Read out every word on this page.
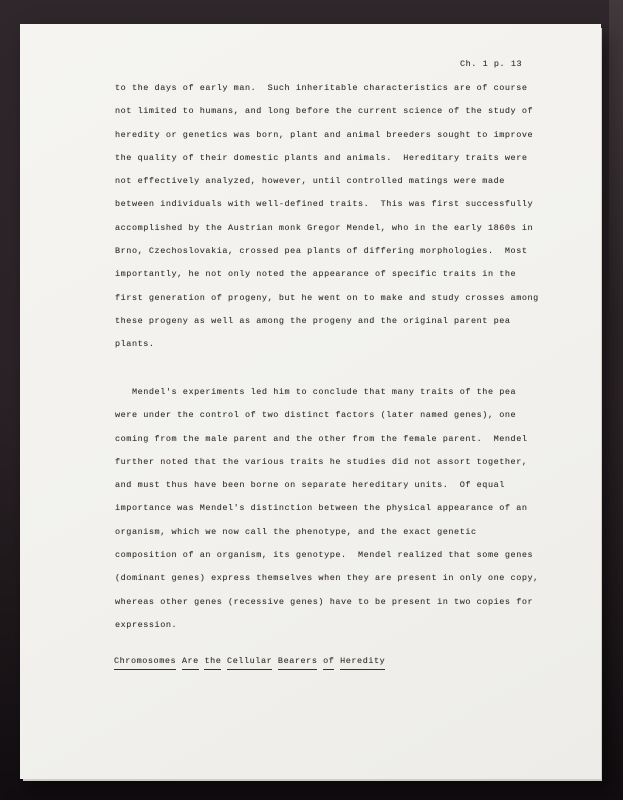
Ch. 1 p. 13
to the days of early man.  Such inheritable characteristics are of course
not limited to humans, and long before the current science of the study of
heredity or genetics was born, plant and animal breeders sought to improve
the quality of their domestic plants and animals.  Hereditary traits were
not effectively analyzed, however, until controlled matings were made
between individuals with well-defined traits.  This was first successfully
accomplished by the Austrian monk Gregor Mendel, who in the early 1860s in
Brno, Czechoslovakia, crossed pea plants of differing morphologies.  Most
importantly, he not only noted the appearance of specific traits in the
first generation of progeny, but he went on to make and study crosses among
these progeny as well as among the progeny and the original parent pea
plants.
Mendel's experiments led him to conclude that many traits of the pea
were under the control of two distinct factors (later named genes), one
coming from the male parent and the other from the female parent.  Mendel
further noted that the various traits he studies did not assort together,
and must thus have been borne on separate hereditary units.  Of equal
importance was Mendel's distinction between the physical appearance of an
organism, which we now call the phenotype, and the exact genetic
composition of an organism, its genotype.  Mendel realized that some genes
(dominant genes) express themselves when they are present in only one copy,
whereas other genes (recessive genes) have to be present in two copies for
expression.
Chromosomes Are the Cellular Bearers of Heredity
